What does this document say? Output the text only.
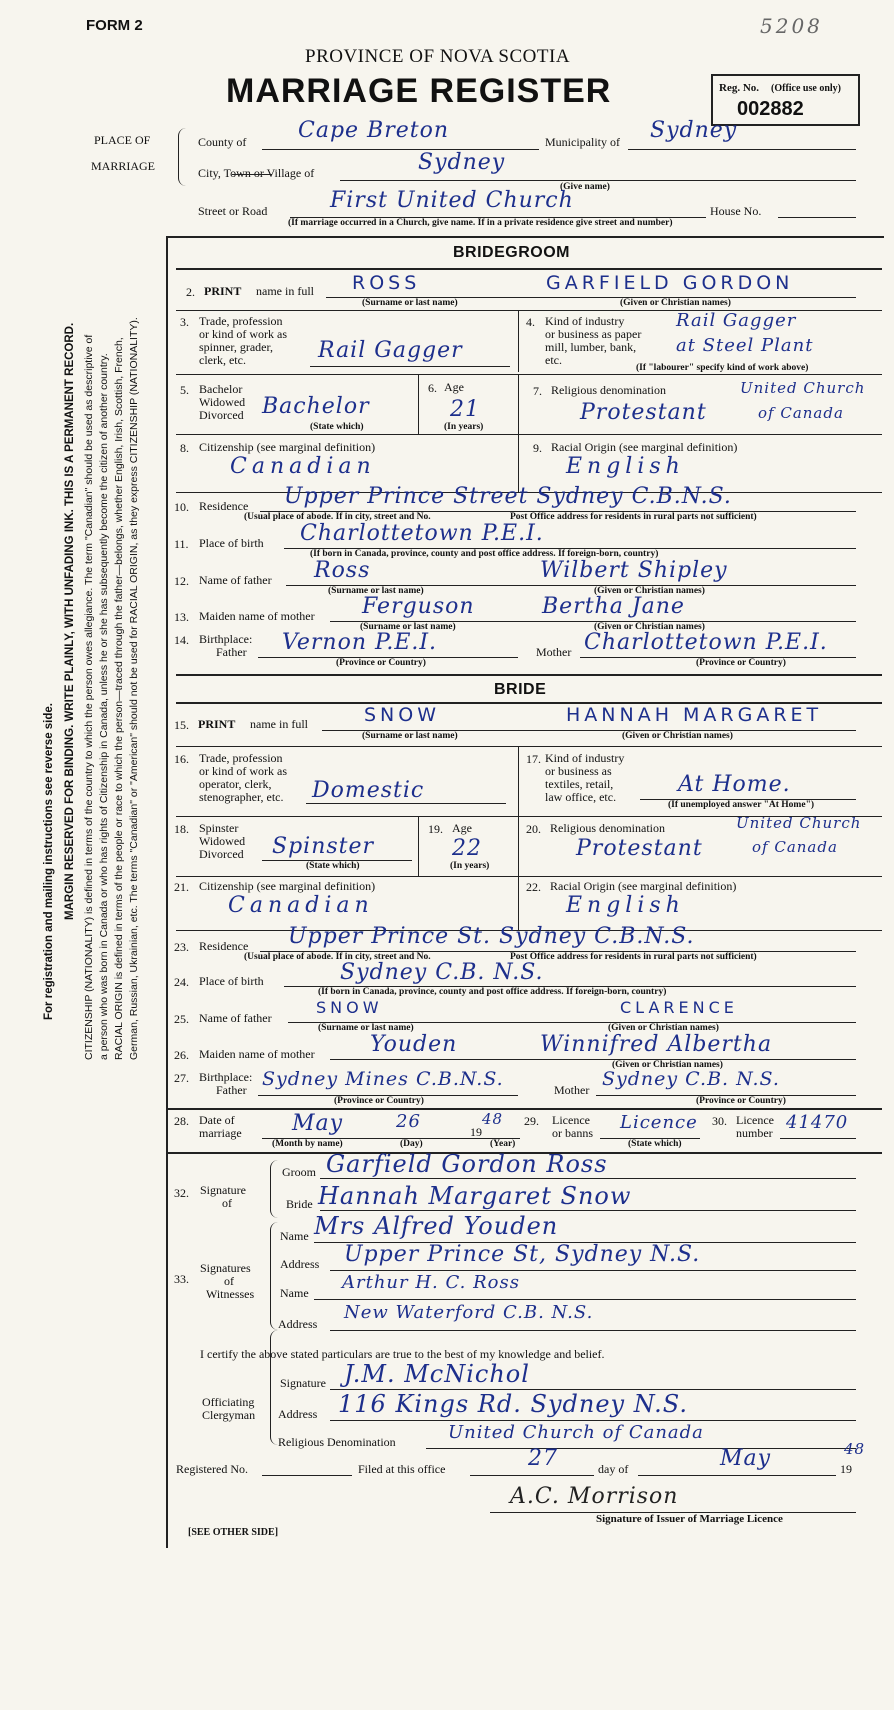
FORM 2	5208
PROVINCE OF NOVA SCOTIA
MARRIAGE REGISTER	Reg. No. (Office use only)
002882
PLACE OF
MARRIAGE
County of Cape Breton	Municipality of Sydney
City, Town or Village of	Sydney
(Give name)
Street or Road	First United Church	House No.
(If marriage occurred in a Church, give name. If in a private residence give street and number)
For registration and mailing instructions see reverse side. MARGIN RESERVED FOR BINDING. WRITE PLAINLY, WITH UNFADING INK. THIS IS A PERMANENT RECORD. CITIZENSHIP (NATIONALITY) is defined in terms of the country to which the person owes allegiance. The term "Canadian" should be used as descriptive of a person who was born in Canada or who has rights of Citizenship in Canada, unless he or she has subsequently become the citizen of another country. RACIAL ORIGIN is defined in terms of the people or race to which the person—traced through the father—belongs, whether English, Irish, Scottish, French, German, Russian, Ukrainian, etc. The terms "Canadian" or "American" should not be used for RACIAL ORIGIN, as they express CITIZENSHIP (NATIONALITY).
BRIDEGROOM
2. PRINT name in full ROSS	GARFIELD GORDON
(Surname or last name)	(Given or Christian names)
3. Trade, profession
or kind of work as
spinner, grader,
clerk, etc.	Rail Gagger
4. Kind of industry
or business as paper
mill, lumber, bank,
etc.
Rail Gagger
at Steel Plant
(If "labourer" specify kind of work above)
5. Bachelor
Widowed
Divorced Bachelor
(State which)
6. Age
21
(In years)
7. Religious denomination
Protestant
United Church
of Canada
8. Citizenship (see marginal definition)
Canadian
9. Racial Origin (see marginal definition)
English
10. Residence Upper Prince Street Sydney C.B.N.S.
(Usual place of abode. If in city, street and No.	Post Office address for residents in rural parts not sufficient)
11. Place of birth Charlottetown P.E.I.
(If born in Canada, province, county and post office address. If foreign-born, country)
12. Name of father Ross	Wilbert Shipley
(Surname or last name)	(Given or Christian names)
13. Maiden name of mother Ferguson	Bertha Jane
(Surname or last name)	(Given or Christian names)
14. Birthplace:
Father Vernon P.E.I.
(Province or Country)
Mother Charlottetown P.E.I.
(Province or Country)
BRIDE
15. PRINT name in full	SNOW	HANNAH MARGARET
(Surname or last name)	(Given or Christian names)
16. Trade, profession
or kind of work as
operator, clerk,
stenographer, etc. Domestic
17. Kind of industry
or business as
textiles, retail,
law office, etc.	At Home.
(If unemployed answer "At Home")
18. Spinster
Widowed
Divorced Spinster
(State which)
19. Age
22
(In years)
20. Religious denomination
Protestant
United Church
of Canada
21. Citizenship (see marginal definition)
Canadian
22. Racial Origin (see marginal definition)
English
23. Residence Upper Prince St. Sydney C.B.N.S.
(Usual place of abode. If in city, street and No.	Post Office address for residents in rural parts not sufficient)
24. Place of birth	Sydney C.B. N.S.
(If born in Canada, province, county and post office address. If foreign-born, country)
25. Name of father
SNOW	CLARENCE
(Surname or last name)	(Given or Christian names)
26. Maiden name of mother	Youden	Winnifred Albertha
(Given or Christian names)
27. Birthplace:
Father Sydney Mines C.B.N.S.
(Province or Country)
Mother Sydney C.B. N.S.
(Province or Country)
28. Date of
marriage May	26	19
48
(Month by name)	(Day)	(Year)
29. Licence
or banns Licence
(State which)
30. Licence
number 41470
32. Signature
of
Groom Garfield Gordon Ross
Bride Hannah Margaret Snow
33.
Signatures
of
Witnesses
Name Mrs Alfred Youden
Address Upper Prince St, Sydney N.S.
Name Arthur H. C. Ross
Address
New Waterford C.B. N.S.
I certify the above stated particulars are true to the best of my knowledge and belief.
Officiating
Clergyman
Signature J.M. McNichol
Address 116 Kings Rd. Sydney N.S.
Religious Denomination	United Church of Canada
Registered No.	Filed at this office	27	day of	May	19
48
A.C. Morrison
Signature of Issuer of Marriage Licence
[SEE OTHER SIDE]
